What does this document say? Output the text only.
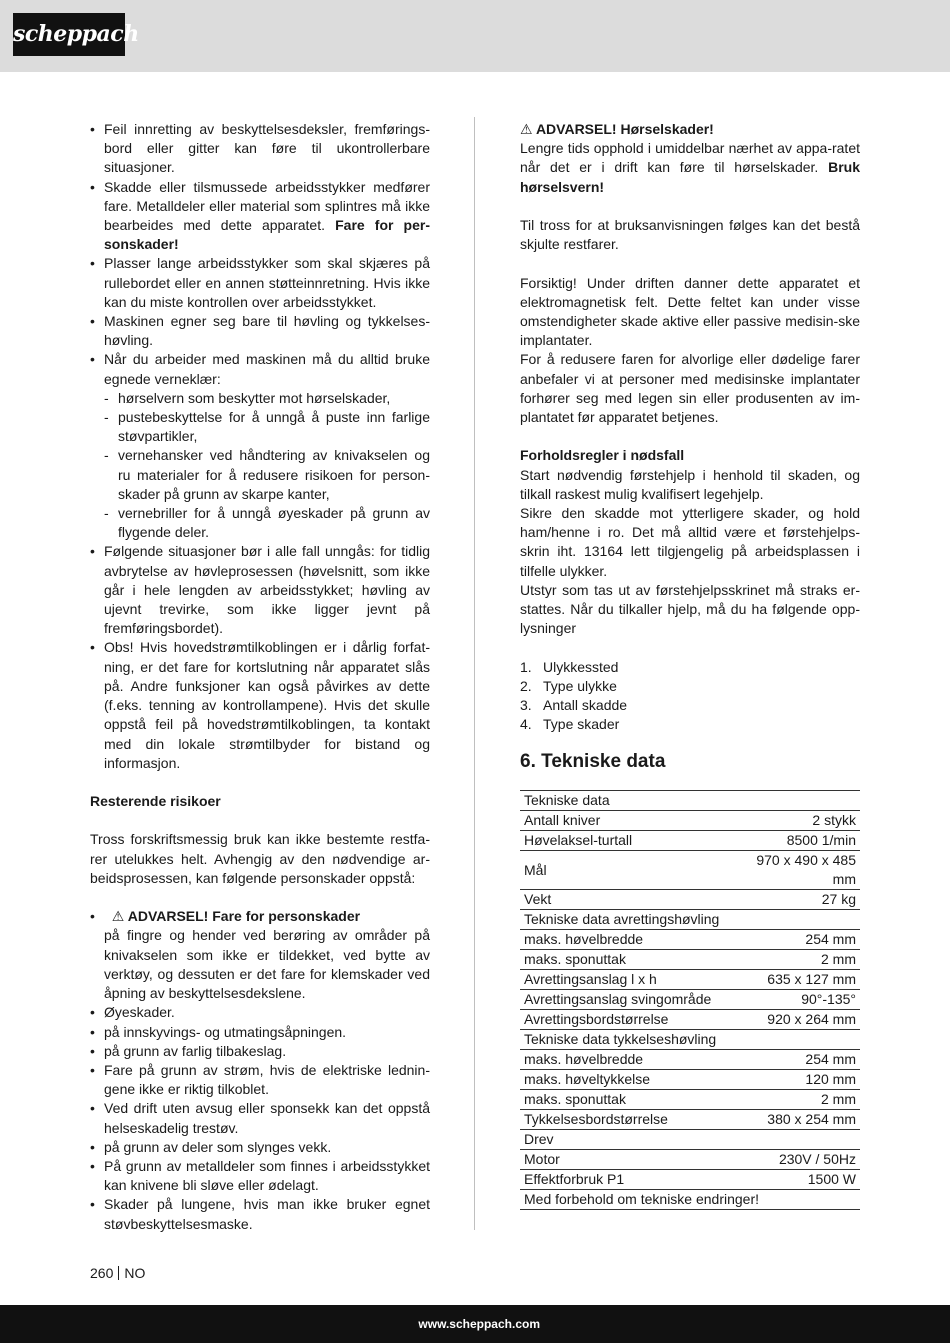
scheppach
• Feil innretting av beskyttelsesdeksler, fremførings-bord eller gitter kan føre til ukontrollerbare situasjoner.
• Skadde eller tilsmussede arbeidsstykker medfører fare. Metalldeler eller material som splintres må ikke bearbeides med dette apparatet. Fare for per-sonskader!
• Plasser lange arbeidsstykker som skal skjæres på rullebordet eller en annen støtteinnretning. Hvis ikke kan du miste kontrollen over arbeidsstykket.
• Maskinen egner seg bare til høvling og tykkelses-høvling.
• Når du arbeider med maskinen må du alltid bruke egnede verneklær:
- hørselvern som beskytter mot hørselskader,
- pustebeskyttelse for å unngå å puste inn farlige støvpartikler,
- vernehansker ved håndtering av knivakselen og ru materialer for å redusere risikoen for person-skader på grunn av skarpe kanter,
- vernebriller for å unngå øyeskader på grunn av flygende deler.
• Følgende situasjoner bør i alle fall unngås: for tidlig avbrytelse av høvleprosessen (høvelsnitt, som ikke går i hele lengden av arbeidsstykket; høvling av ujevnt trevirke, som ikke ligger jevnt på fremføringsbordet).
• Obs! Hvis hovedstrømtilkoblingen er i dårlig forfat-ning, er det fare for kortslutning når apparatet slås på. Andre funksjoner kan også påvirkes av dette (f.eks. tenning av kontrollampene). Hvis det skulle oppstå feil på hovedstrømtilkoblingen, ta kontakt med din lokale strømtilbyder for bistand og informasjon.

Resterende risikoer

Tross forskriftsmessig bruk kan ikke bestemte restfa-rer utelukkes helt. Avhengig av den nødvendige ar-beidsprosessen, kan følgende personskader oppstå:

•   ⚠ ADVARSEL! Fare for personskader
på fingre og hender ved berøring av områder på knivakselen som ikke er tildekket, ved bytte av verktøy, og dessuten er det fare for klemskader ved åpning av beskyttelsesdekslene.
• Øyeskader.
• på innskyvings- og utmatingsåpningen.
• på grunn av farlig tilbakeslag.
• Fare på grunn av strøm, hvis de elektriske lednin-gene ikke er riktig tilkoblet.
• Ved drift uten avsug eller sponsekk kan det oppstå helseskadelig trestøv.
• på grunn av deler som slynges vekk.
• På grunn av metalldeler som finnes i arbeidsstykket kan knivene bli sløve eller ødelagt.
• Skader på lungene, hvis man ikke bruker egnet støvbeskyttelsesmaske.

⚠ ADVARSEL! Hørselskader!

Lengre tids opphold i umiddelbar nærhet av appa-ratet når det er i drift kan føre til hørselskader. Bruk hørselsvern!

Til tross for at bruksanvisningen følges kan det bestå skjulte restfarer.

Forsiktig! Under driften danner dette apparatet et elektromagnetisk felt. Dette feltet kan under visse omstendigheter skade aktive eller passive medisin-ske implantater.

For å redusere faren for alvorlige eller dødelige farer anbefaler vi at personer med medisinske implantater forhører seg med legen sin eller produsenten av im-plantatet før apparatet betjenes.

Forholdsregler i nødsfall

Start nødvendig førstehjelp i henhold til skaden, og tilkall raskest mulig kvalifisert legehjelp.

Sikre den skadde mot ytterligere skader, og hold ham/henne i ro. Det må alltid være et førstehjelps-skrin iht. 13164 lett tilgjengelig på arbeidsplassen i tilfelle ulykker.

Utstyr som tas ut av førstehjelpsskrinet må straks er-stattes. Når du tilkaller hjelp, må du ha følgende opp-lysninger

1. Ulykkessted
2. Type ulykke
3. Antall skadde
4. Type skader

6. Tekniske data

Tekniske data	
Antall kniver	2 stykk
Høvelaksel-turtall	8500 1/min
Mål	970 x 490 x 485 mm
Vekt	27 kg
Tekniske data avrettingshøvling	
maks. høvelbredde	254 mm
maks. sponuttak	2 mm
Avrettingsanslag l x h	635 x 127 mm
Avrettingsanslag svingområde	90°-135°
Avrettingsbordstørrelse	920 x 264 mm
Tekniske data tykkelseshøvling	
maks. høvelbredde	254 mm
maks. høveltykkelse	120 mm
maks. sponuttak	2 mm
Tykkelsesbordstørrelse	380 x 254 mm
Drev	
Motor	230V / 50Hz
Effektforbruk P1	1500 W
Med forbehold om tekniske endringer!	
260 NO
www.scheppach.com
